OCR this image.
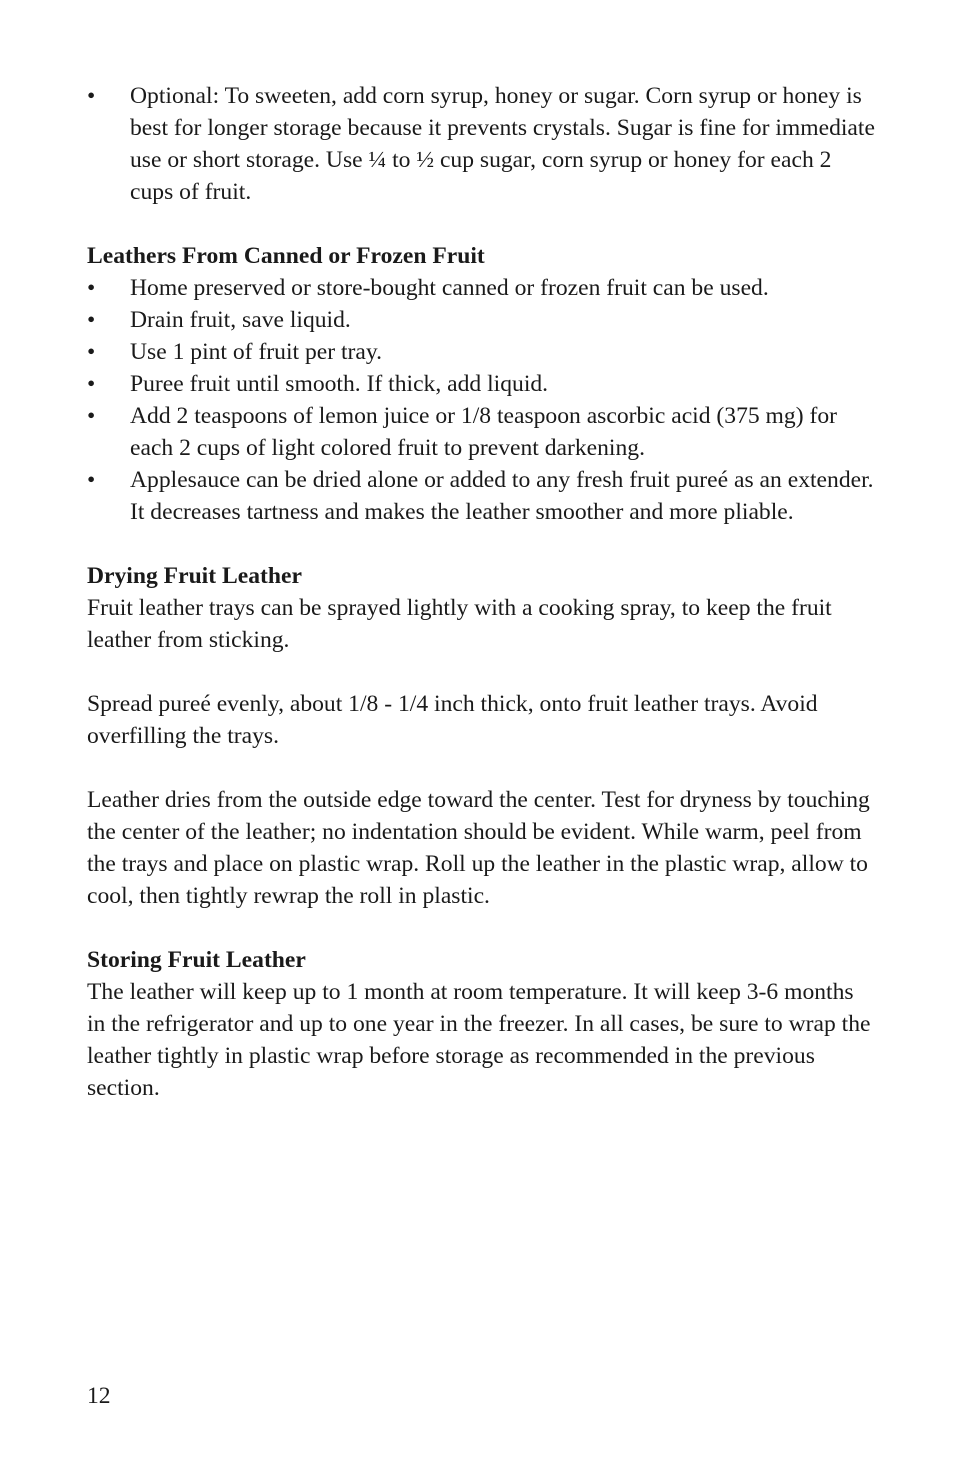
•	Optional: To sweeten, add corn syrup, honey or sugar. Corn syrup or honey is best for longer storage because it prevents crystals. Sugar is fine for immediate use or short storage. Use ¼ to ½ cup sugar, corn syrup or honey for each 2 cups of fruit.
Leathers From Canned or Frozen Fruit
•	Home preserved or store-bought canned or frozen fruit can be used.
•	Drain fruit, save liquid.
•	Use 1 pint of fruit per tray.
•	Puree fruit until smooth. If thick, add liquid.
•	Add 2 teaspoons of lemon juice or 1/8 teaspoon ascorbic acid (375 mg) for each 2 cups of light colored fruit to prevent darkening.
•	Applesauce can be dried alone or added to any fresh fruit pureé as an extender. It decreases tartness and makes the leather smoother and more pliable.
Drying Fruit Leather

Fruit leather trays can be sprayed lightly with a cooking spray, to keep the fruit leather from sticking.

Spread pureé evenly, about 1/8 - 1/4 inch thick, onto fruit leather trays. Avoid overfilling the trays.

Leather dries from the outside edge toward the center. Test for dryness by touching the center of the leather; no indentation should be evident. While warm, peel from the trays and place on plastic wrap. Roll up the leather in the plastic wrap, allow to cool, then tightly rewrap the roll in plastic.

Storing Fruit Leather

The leather will keep up to 1 month at room temperature. It will keep 3-6 months in the refrigerator and up to one year in the freezer. In all cases, be sure to wrap the leather tightly in plastic wrap before storage as recommended in the previous section.

12
